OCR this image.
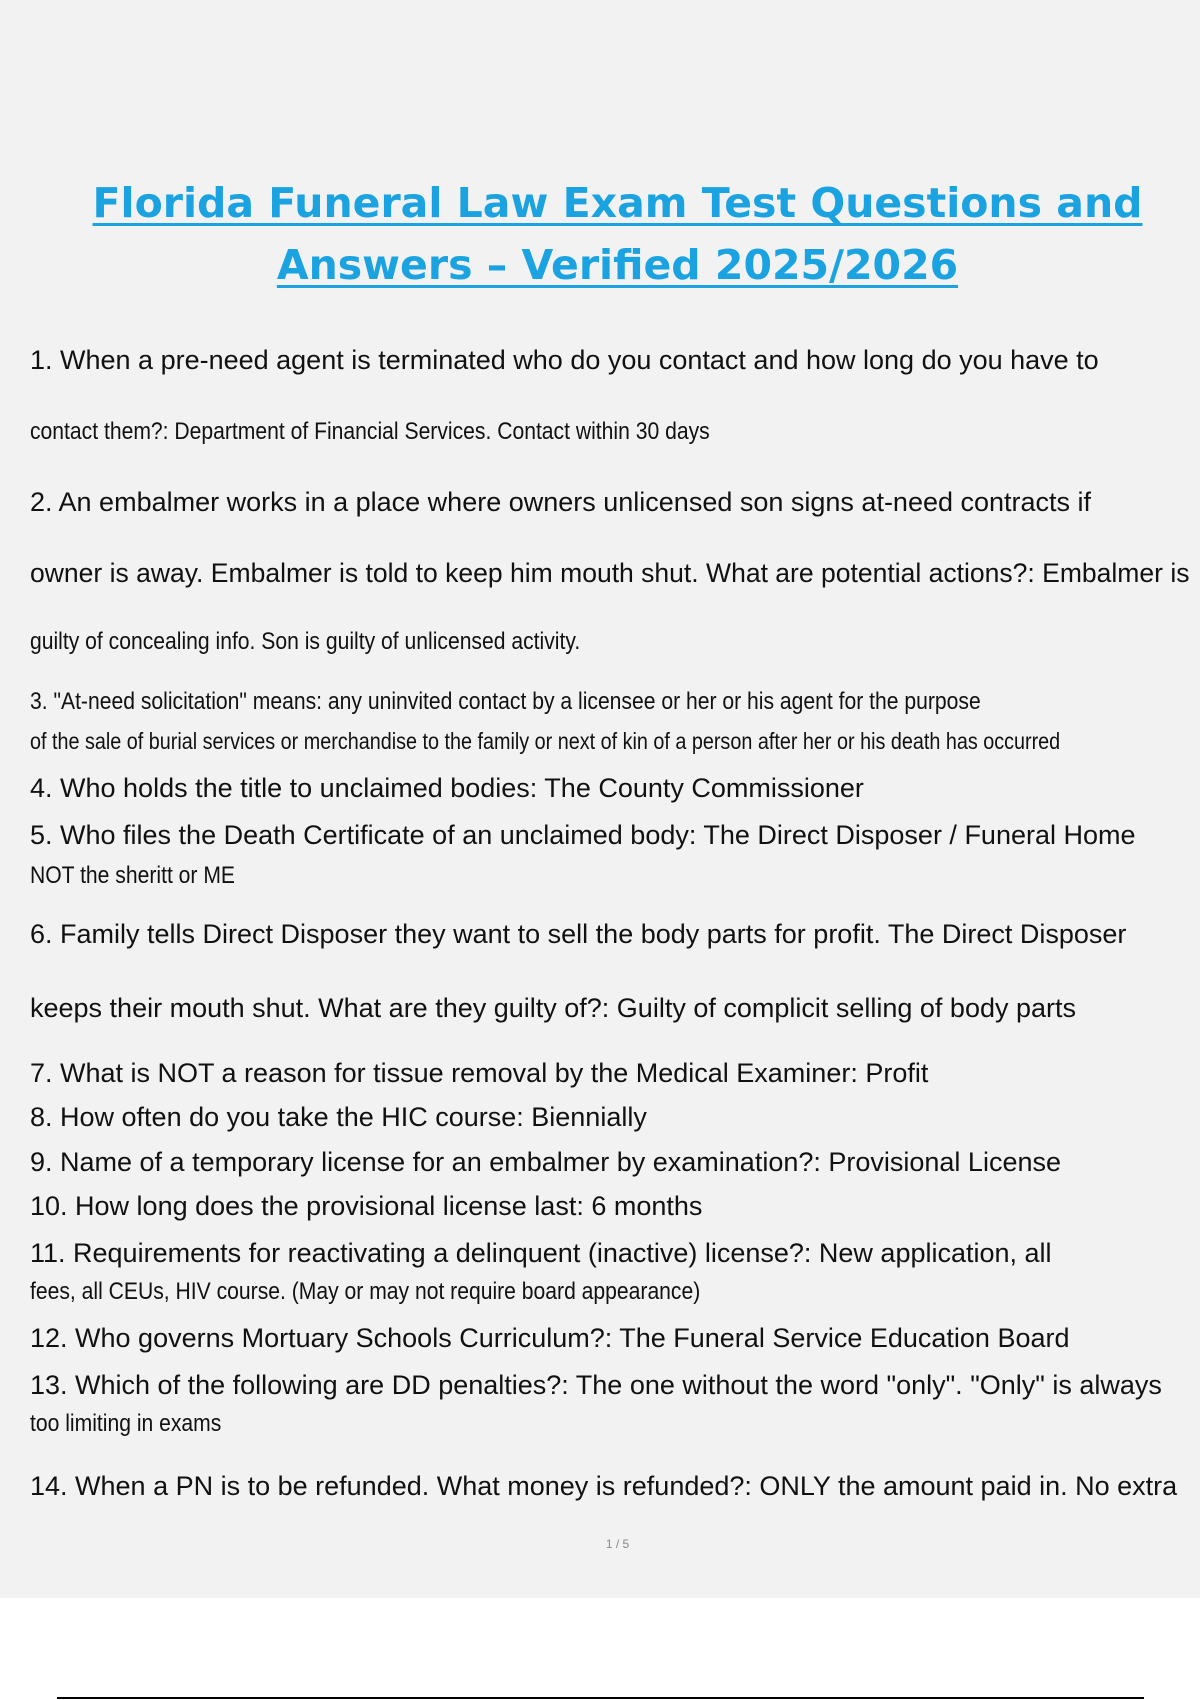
Florida Funeral Law Exam Test Questions and
Answers – Verified 2025/2026

1. When a pre-need agent is terminated who do you contact and how long do you have to

contact them?: Department of Financial Services. Contact within 30 days

2. An embalmer works in a place where owners unlicensed son signs at-need contracts if

owner is away. Embalmer is told to keep him mouth shut. What are potential actions?: Embalmer is

guilty of concealing info. Son is guilty of unlicensed activity.

3. "At-need solicitation" means: any uninvited contact by a licensee or her or his agent for the purpose

of the sale of burial services or merchandise to the family or next of kin of a person after her or his death has occurred

4. Who holds the title to unclaimed bodies: The County Commissioner

5. Who files the Death Certificate of an unclaimed body: The Direct Disposer / Funeral Home

NOT the sheritt or ME

6. Family tells Direct Disposer they want to sell the body parts for profit. The Direct Disposer

keeps their mouth shut. What are they guilty of?: Guilty of complicit selling of body parts

7. What is NOT a reason for tissue removal by the Medical Examiner: Profit

8. How often do you take the HIC course: Biennially

9. Name of a temporary license for an embalmer by examination?: Provisional License

10. How long does the provisional license last: 6 months

11. Requirements for reactivating a delinquent (inactive) license?: New application, all

fees, all CEUs, HIV course. (May or may not require board appearance)

12. Who governs Mortuary Schools Curriculum?: The Funeral Service Education Board

13. Which of the following are DD penalties?: The one without the word "only". "Only" is always

too limiting in exams

14. When a PN is to be refunded. What money is refunded?: ONLY the amount paid in. No extra

1 / 5
